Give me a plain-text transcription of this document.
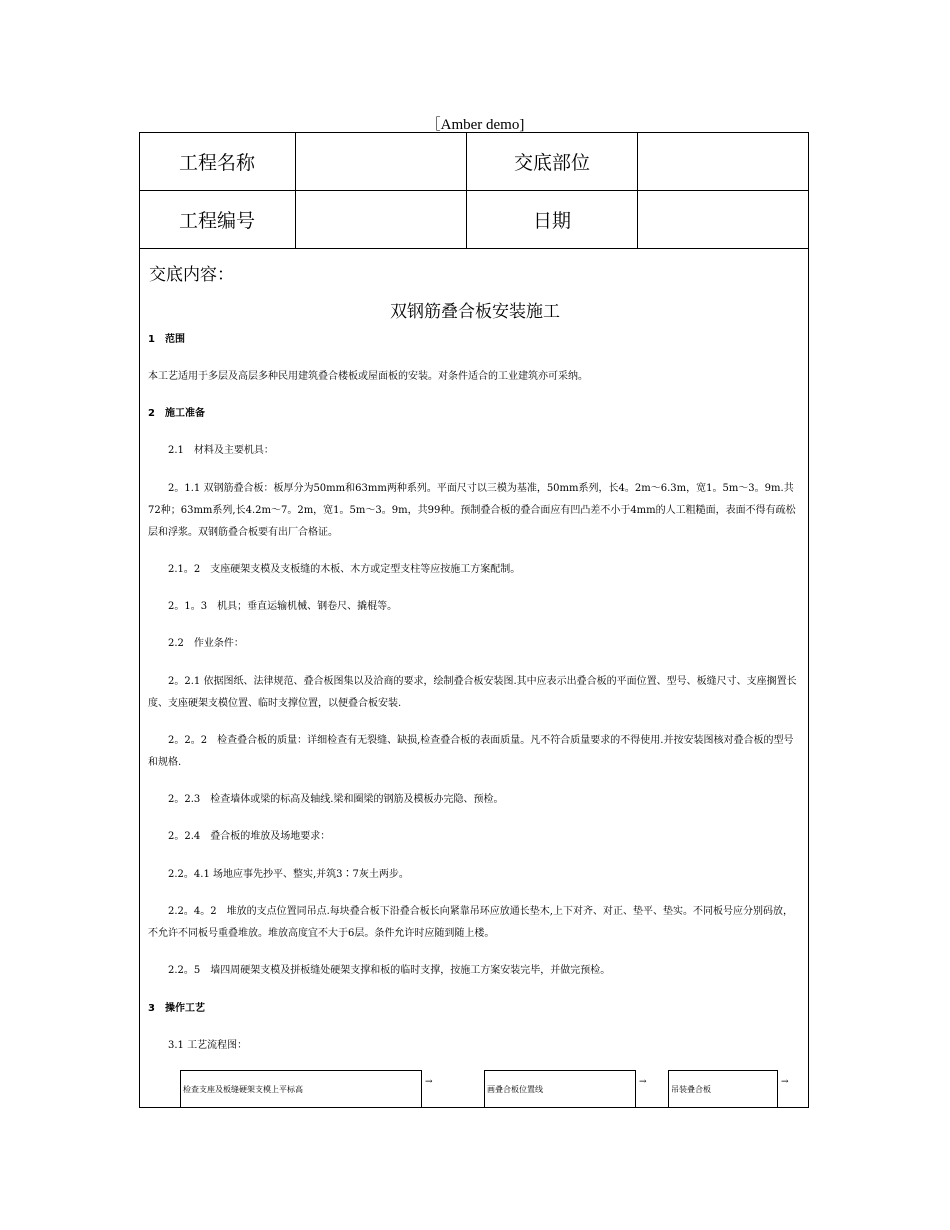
［Amber demo]
工程名称	交底部位
工程编号	日期
交底内容：
双钢筋叠合板安装施工
1　范围
本工艺适用于多层及高层多种民用建筑叠合楼板或屋面板的安装。对条件适合的工业建筑亦可采纳。
2　施工准备
　　2.1　材料及主要机具：
　　2。1.1 双钢筋叠合板：板厚分为50mm和63mm两种系列。平面尺寸以三模为基准，50mm系列，长4。2m～6.3m，宽1。5m～3。9m.共72种；63mm系列,长4.2m～7。2m，宽1。5m～3。9m，共99种。预制叠合板的叠合面应有凹凸差不小于4mm的人工粗糙面，表面不得有疏松层和浮浆。双钢筋叠合板要有出厂合格证。
　　2.1。2　支座硬架支模及支板缝的木板、木方或定型支柱等应按施工方案配制。
　　2。1。3　机具；垂直运输机械、钢卷尺、撬棍等。
　　2.2　作业条件：
　　2。2.1 依据图纸、法律规范、叠合板图集以及洽商的要求，绘制叠合板安装图.其中应表示出叠合板的平面位置、型号、板缝尺寸、支座搁置长度、支座硬架支模位置、临时支撑位置，以便叠合板安装.
　　2。2。2　检查叠合板的质量：详细检查有无裂缝、缺损,检查叠合板的表面质量。凡不符合质量要求的不得使用.并按安装图核对叠合板的型号和规格.
　　2。2.3　检查墙体或梁的标高及轴线.梁和圈梁的钢筋及模板办完隐、预检。
　　2。2.4　叠合板的堆放及场地要求：
　　2.2。4.1 场地应事先抄平、整实,并筑3∶7灰土两步。
　　2.2。4。2　堆放的支点位置同吊点.每块叠合板下沿叠合板长向紧靠吊环应放通长垫木,上下对齐、对正、垫平、垫实。不同板号应分别码放，不允许不同板号重叠堆放。堆放高度宜不大于6层。条件允许时应随到随上楼。
　　2.2。5　墙四周硬架支模及拼板缝处硬架支撑和板的临时支撑，按施工方案安装完毕，并做完预检。
3　操作工艺
　　3.1 工艺流程图：
检查支座及板缝硬架支模上平标高
→
画叠合板位置线
→
吊装叠合板
→
